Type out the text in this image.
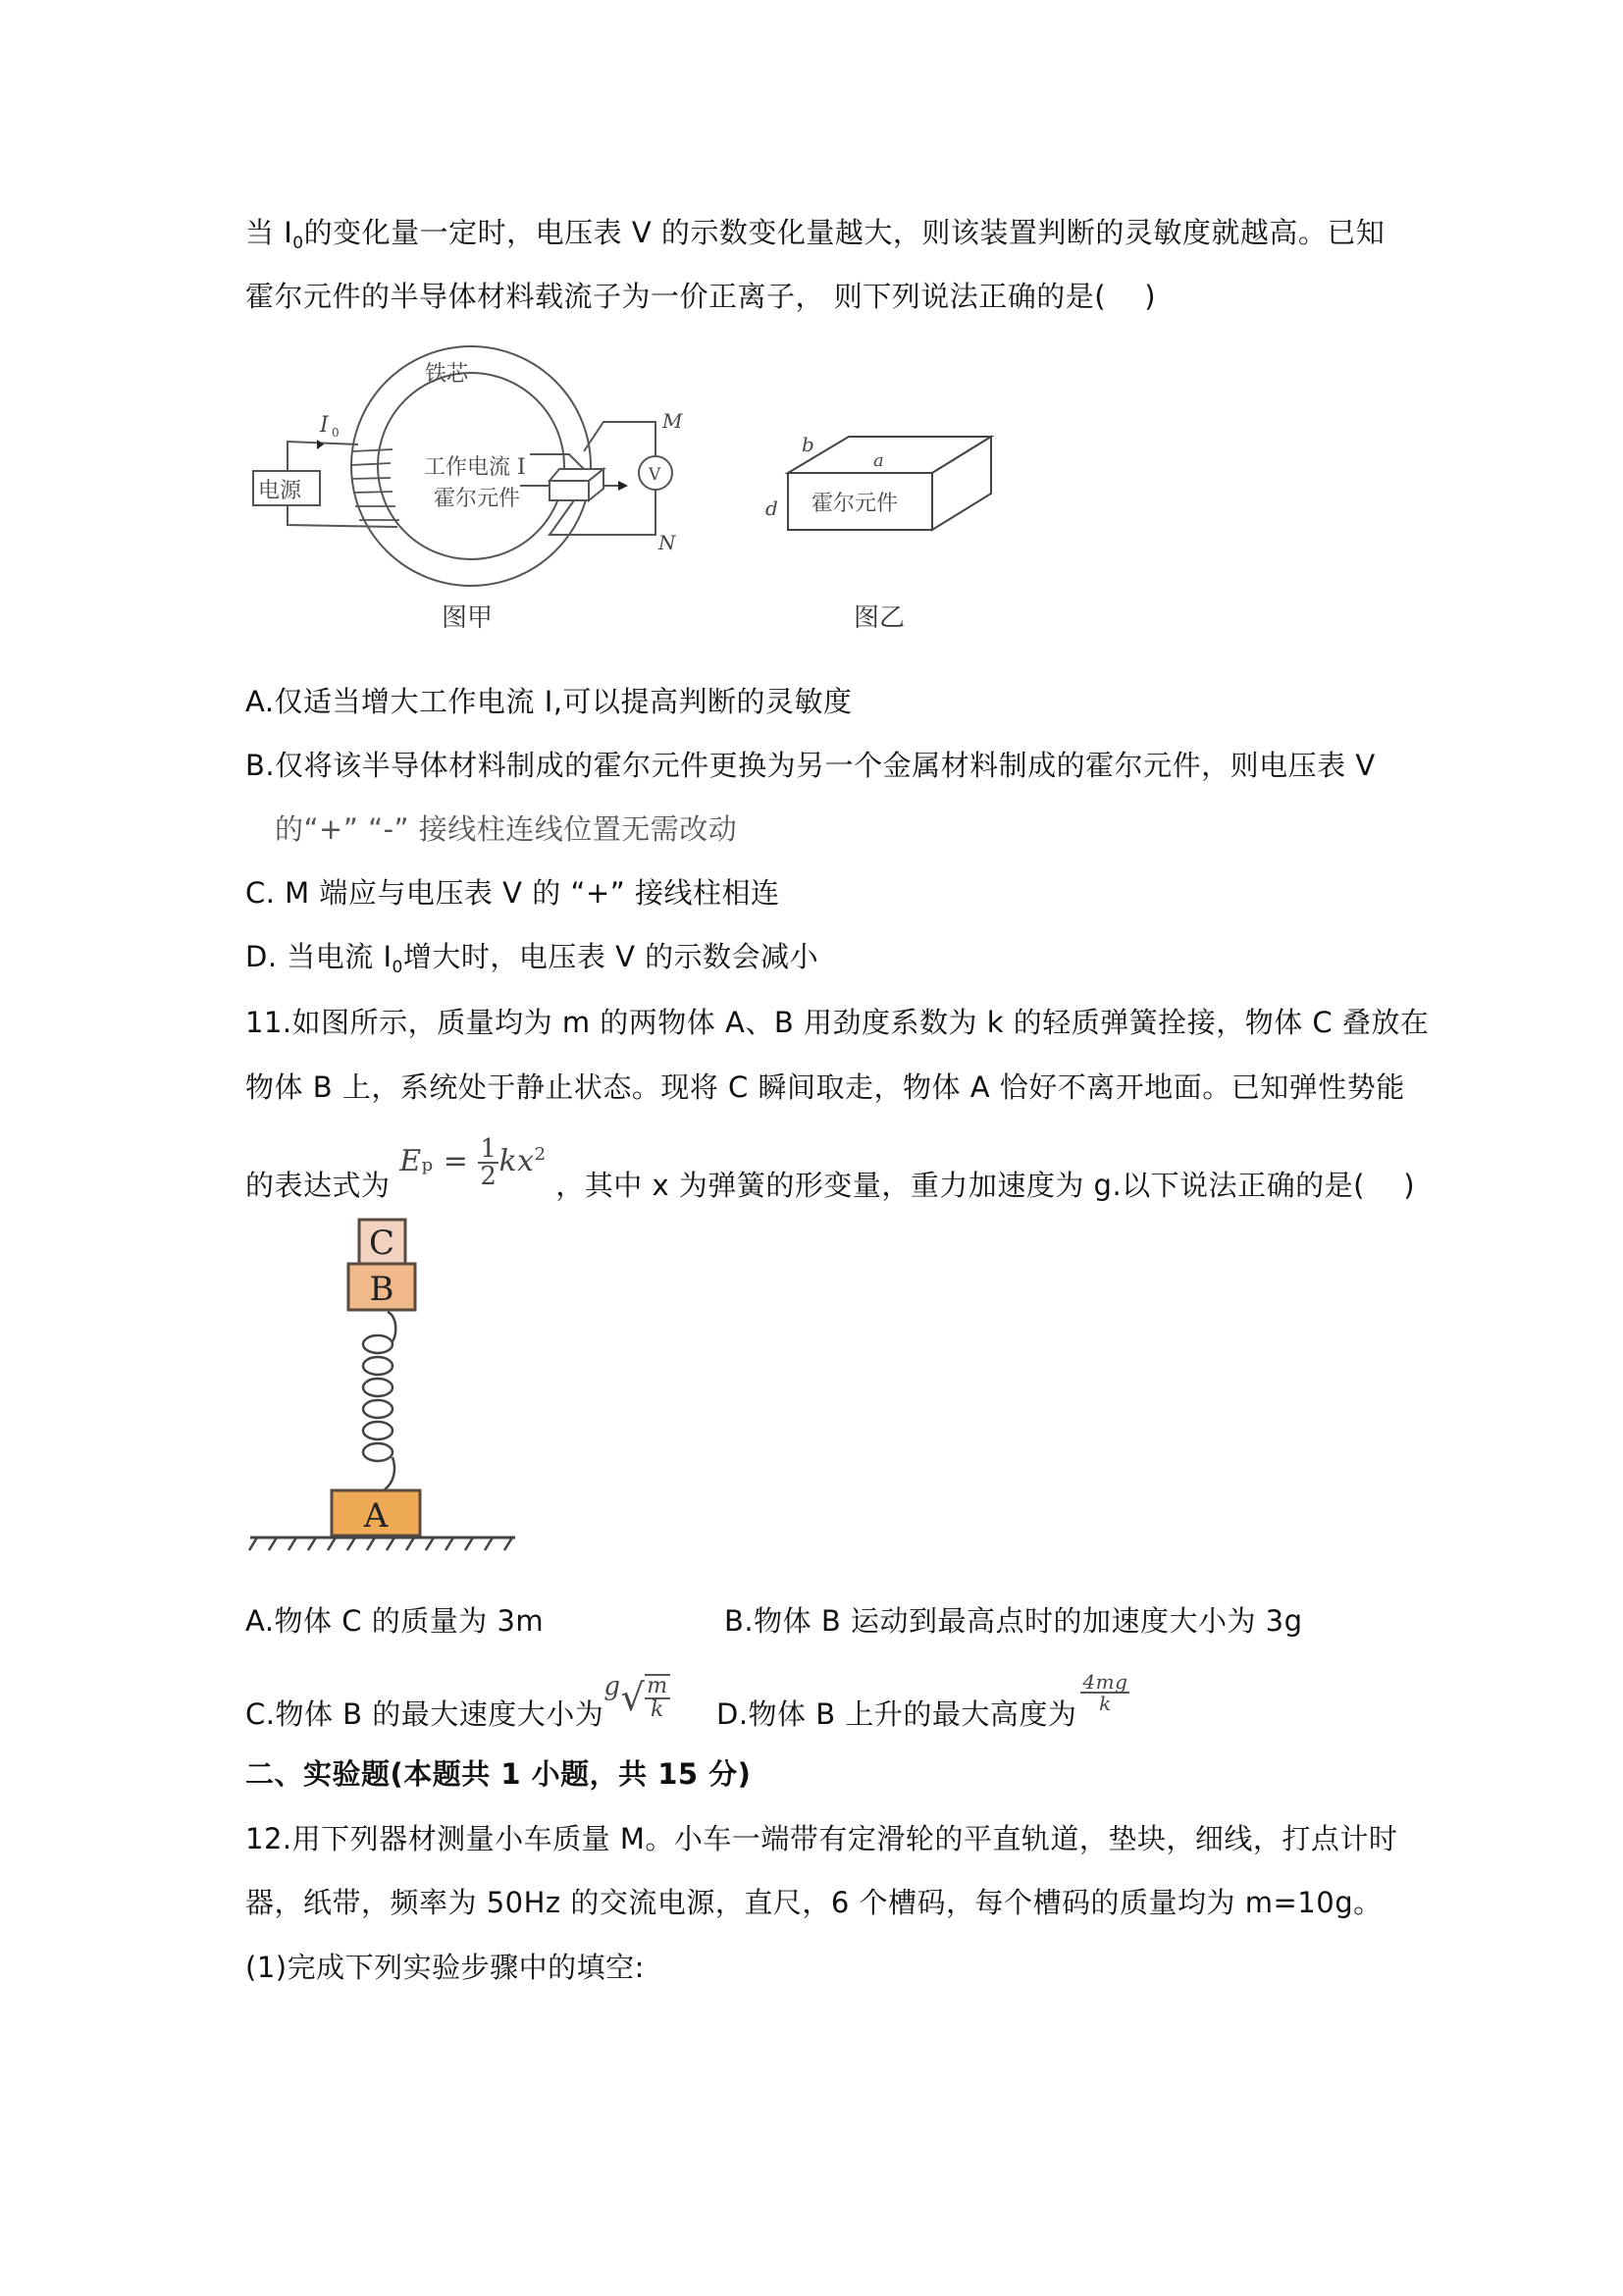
当 $I_0$的变化量一定时，电压表 V 的示数变化量越大，则该装置判断的灵敏度就越高。已知
霍尔元件的半导体材料载流子为一价正离子， 则下列说法正确的是(　 )
铁芯
电源
I 0
工作电流 I
霍尔元件
M
N
V
图甲
b
a
d 霍尔元件
图乙
A.仅适当增大工作电流 I,可以提高判断的灵敏度
B.仅将该半导体材料制成的霍尔元件更换为另一个金属材料制成的霍尔元件，则电压表 V
的“+” “-” 接线柱连线位置无需改动
C. M 端应与电压表 V 的 “+” 接线柱相连
D. 当电流 $I_0$增大时，电压表 V 的示数会减小
11.如图所示，质量均为 m 的两物体 A、B 用劲度系数为 k 的轻质弹簧拴接，物体 C 叠放在
物体 B 上，系统处于静止状态。现将 C 瞬间取走，物体 A 恰好不离开地面。已知弹性势能
的表达式为 $Ep = \frac{1}{2} kx^2$ ，其中 x 为弹簧的形变量，重力加速度为 g.以下说法正确的是(　 )
C
B
A
A.物体 C 的质量为 3m	B.物体 B 运动到最高点时的加速度大小为 3g
C.物体 B 的最大速度大小为$g√ \frac{m}{k} D$.物体 B 上升的最大高度为
$\frac{4mg}{k}$
二、实验题(本题共 1 小题，共 15 分)
12.用下列器材测量小车质量 M。小车一端带有定滑轮的平直轨道，垫块，细线，打点计时
器，纸带，频率为 50Hz 的交流电源，直尺，6 个槽码，每个槽码的质量均为 m=10g。
(1)完成下列实验步骤中的填空:
